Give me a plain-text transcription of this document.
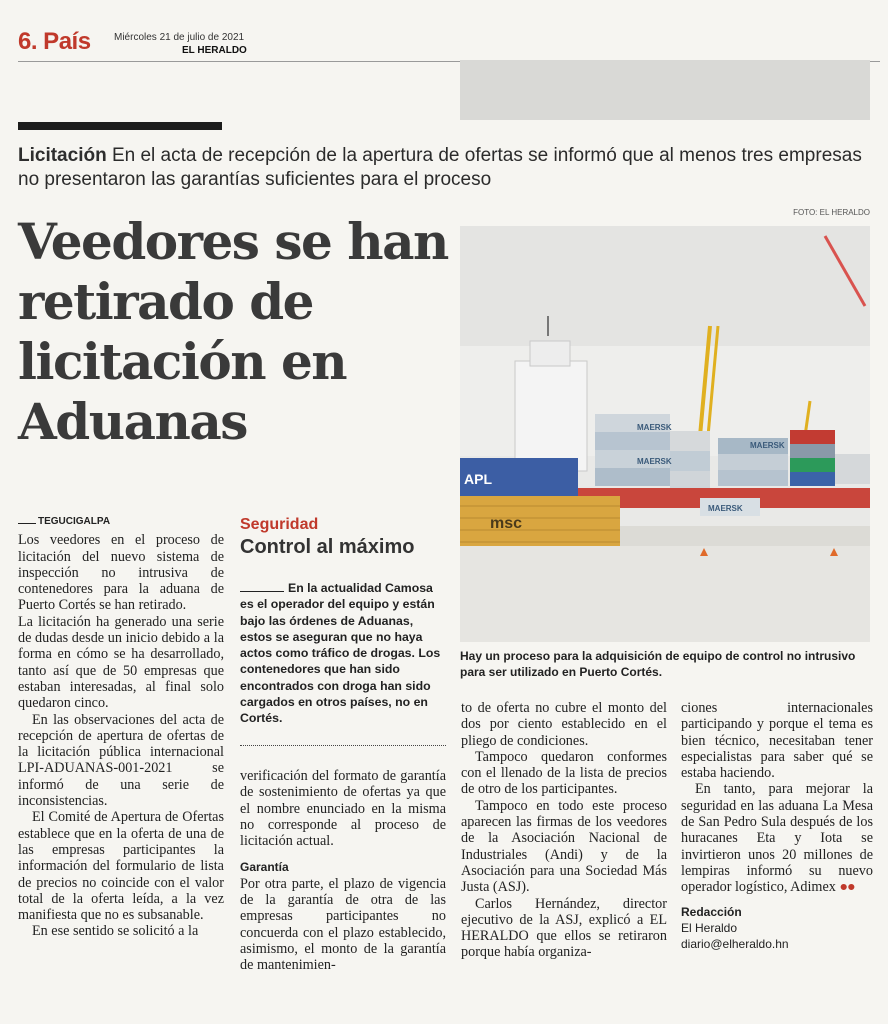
6. País Miércoles 21 de julio de 2021
EL HERALDO
Licitación En el acta de recepción de la apertura de ofertas se informó que al menos tres empresas no presentaron las garantías suficientes para el proceso
FOTO: EL HERALDO
Veedores se han retirado de licitación en Aduanas	MAERSK
MAERSK
MAERSK
APL
MAERSK
msc
Hay un proceso para la adquisición de equipo de control no intrusivo para ser utilizado en Puerto Cortés.
TEGUCIGALPA

Los veedores en el proceso de licitación del nuevo sistema de inspección no intrusiva de contenedores para la aduana de Puerto Cortés se han retirado.

La licitación ha generado una serie de dudas desde un inicio debido a la forma en cómo se ha desarrollado, tanto así que de 50 empresas que estaban interesadas, al final solo quedaron cinco.

En las observaciones del acta de recepción de apertura de ofertas de la licitación pública internacional LPI-ADUANAS-001-2021 se informó de una serie de inconsistencias.

El Comité de Apertura de Ofertas establece que en la oferta de una de las empresas participantes la información del formulario de lista de precios no coincide con el valor total de la oferta leída, a la vez manifiesta que no es subsanable.

En ese sentido se solicitó a la

Seguridad
Control al máximo
En la actualidad Camosa es el operador del equipo y están bajo las órdenes de Aduanas, estos se aseguran que no haya actos como tráfico de drogas. Los contenedores que han sido encontrados con droga han sido cargados en otros países, no en Cortés.

verificación del formato de garantía de sostenimiento de ofertas ya que el nombre enunciado en la misma no corresponde al proceso de licitación actual.

Garantía

Por otra parte, el plazo de vigencia de la garantía de otra de las empresas participantes no concuerda con el plazo establecido, asimismo, el monto de la garantía de mantenimien-

to de oferta no cubre el monto del dos por ciento establecido en el pliego de condiciones.

Tampoco quedaron conformes con el llenado de la lista de precios de otro de los participantes.

Tampoco en todo este proceso aparecen las firmas de los veedores de la Asociación Nacional de Industriales (Andi) y de la Asociación para una Sociedad Más Justa (ASJ).

Carlos Hernández, director ejecutivo de la ASJ, explicó a EL HERALDO que ellos se retiraron porque había organiza-

ciones internacionales participando y porque el tema es bien técnico, necesitaban tener especialistas para saber qué se estaba haciendo.

En tanto, para mejorar la seguridad en las aduana La Mesa de San Pedro Sula después de los huracanes Eta y Iota se invirtieron unos 20 millones de lempiras informó su nuevo operador logístico, Adimex ●●

Redacción
El Heraldo
diario@elheraldo.hn
